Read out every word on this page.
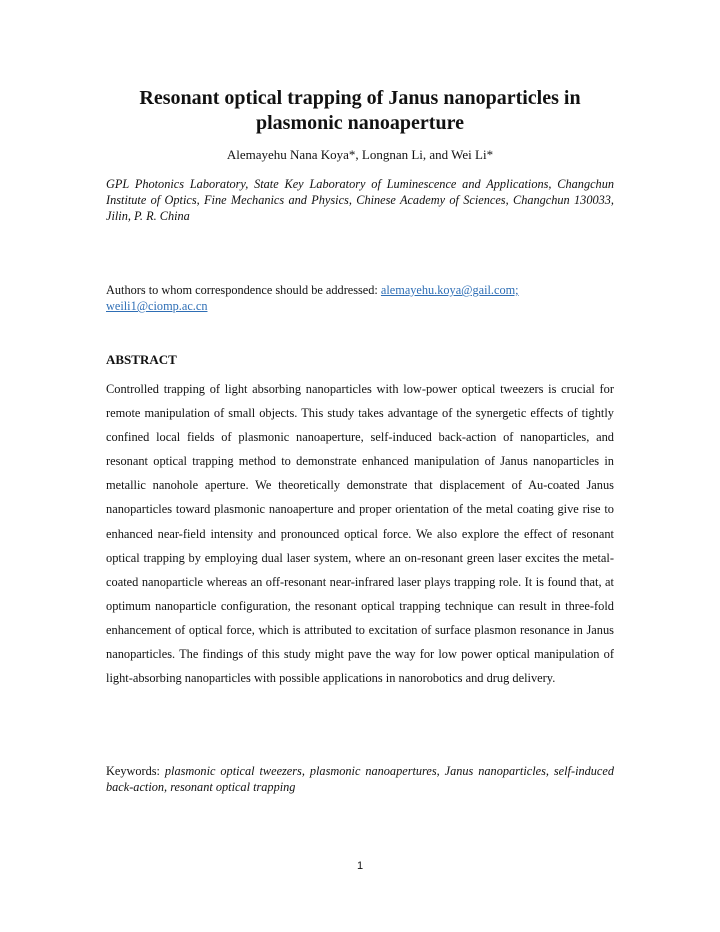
Resonant optical trapping of Janus nanoparticles in plasmonic nanoaperture
Alemayehu Nana Koya*, Longnan Li, and Wei Li*
GPL Photonics Laboratory, State Key Laboratory of Luminescence and Applications, Changchun Institute of Optics, Fine Mechanics and Physics, Chinese Academy of Sciences, Changchun 130033, Jilin, P. R. China
Authors to whom correspondence should be addressed: alemayehu.koya@gail.com;
weili1@ciomp.ac.cn
ABSTRACT

Controlled trapping of light absorbing nanoparticles with low-power optical tweezers is crucial for remote manipulation of small objects. This study takes advantage of the synergetic effects of tightly confined local fields of plasmonic nanoaperture, self-induced back-action of nanoparticles, and resonant optical trapping method to demonstrate enhanced manipulation of Janus nanoparticles in metallic nanohole aperture. We theoretically demonstrate that displacement of Au-coated Janus nanoparticles toward plasmonic nanoaperture and proper orientation of the metal coating give rise to enhanced near-field intensity and pronounced optical force. We also explore the effect of resonant optical trapping by employing dual laser system, where an on-resonant green laser excites the metal-coated nanoparticle whereas an off-resonant near-infrared laser plays trapping role. It is found that, at optimum nanoparticle configuration, the resonant optical trapping technique can result in three-fold enhancement of optical force, which is attributed to excitation of surface plasmon resonance in Janus nanoparticles. The findings of this study might pave the way for low power optical manipulation of light-absorbing nanoparticles with possible applications in nanorobotics and drug delivery.

Keywords: plasmonic optical tweezers, plasmonic nanoapertures, Janus nanoparticles, self-induced back-action, resonant optical trapping
1
